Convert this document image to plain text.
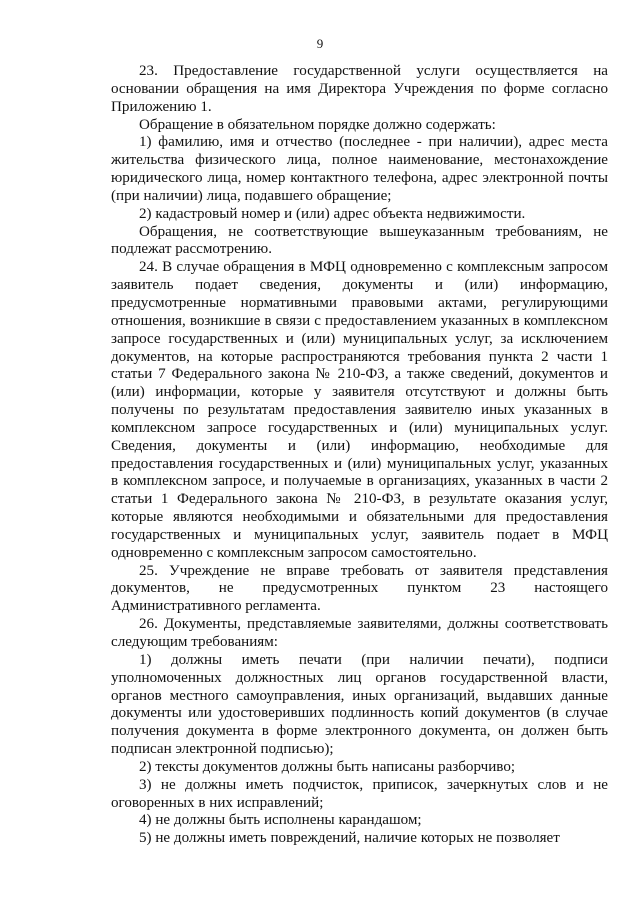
9

23. Предоставление государственной услуги осуществляется на основании обращения на имя Директора Учреждения по форме согласно Приложению 1.

Обращение в обязательном порядке должно содержать:

1) фамилию, имя и отчество (последнее - при наличии), адрес места жительства физического лица, полное наименование, местонахождение юридического лица, номер контактного телефона, адрес электронной почты (при наличии) лица, подавшего обращение;

2) кадастровый номер и (или) адрес объекта недвижимости.

Обращения, не соответствующие вышеуказанным требованиям, не подлежат рассмотрению.

24. В случае обращения в МФЦ одновременно с комплексным запросом заявитель подает сведения, документы и (или) информацию, предусмотренные нормативными правовыми актами, регулирующими отношения, возникшие в связи с предоставлением указанных в комплексном запросе государственных и (или) муниципальных услуг, за исключением документов, на которые распространяются требования пункта 2 части 1 статьи 7 Федерального закона № 210-ФЗ, а также сведений, документов и (или) информации, которые у заявителя отсутствуют и должны быть получены по результатам предоставления заявителю иных указанных в комплексном запросе государственных и (или) муниципальных услуг. Сведения, документы и (или) информацию, необходимые для предоставления государственных и (или) муниципальных услуг, указанных в комплексном запросе, и получаемые в организациях, указанных в части 2 статьи 1 Федерального закона № 210-ФЗ, в результате оказания услуг, которые являются необходимыми и обязательными для предоставления государственных и муниципальных услуг, заявитель подает в МФЦ одновременно с комплексным запросом самостоятельно.

25. Учреждение не вправе требовать от заявителя представления документов, не предусмотренных пунктом 23 настоящего Административного регламента.

26. Документы, представляемые заявителями, должны соответствовать следующим требованиям:

1) должны иметь печати (при наличии печати), подписи уполномоченных должностных лиц органов государственной власти, органов местного самоуправления, иных организаций, выдавших данные документы или удостоверивших подлинность копий документов (в случае получения документа в форме электронного документа, он должен быть подписан электронной подписью);

2) тексты документов должны быть написаны разборчиво;

3) не должны иметь подчисток, приписок, зачеркнутых слов и не оговоренных в них исправлений;

4) не должны быть исполнены карандашом;

5) не должны иметь повреждений, наличие которых не позволяет
